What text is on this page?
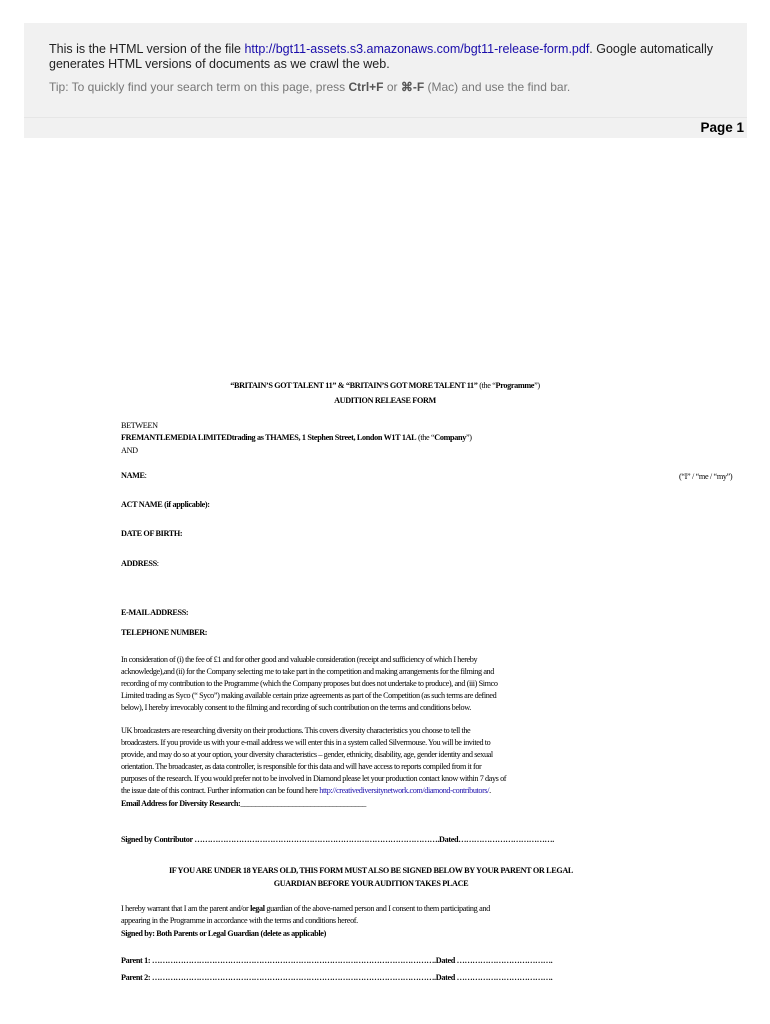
This is the HTML version of the file http://bgt11-assets.s3.amazonaws.com/bgt11-release-form.pdf. Google automatically generates HTML versions of documents as we crawl the web.
Tip: To quickly find your search term on this page, press Ctrl+F or ⌘-F (Mac) and use the find bar.
Page 1
“BRITAIN’S GOT TALENT 11” & “BRITAIN’S GOT MORE TALENT 11” (the “Programme”)
AUDITION RELEASE FORM
BETWEEN
FREMANTLEMEDIA LIMITEDtrading as THAMES, 1 Stephen Street, London W1T 1AL (the “Company”)
AND
NAME:	(“I” / “me / “my”)
ACT NAME (if applicable):
DATE OF BIRTH:
ADDRESS:
E-MAIL ADDRESS:
TELEPHONE NUMBER:
In consideration of (i) the fee of £1 and for other good and valuable consideration (receipt and sufficiency of which I hereby
acknowledge),and (ii) for the Company selecting me to take part in the competition and making arrangements for the filming and
recording of my contribution to the Programme (which the Company proposes but does not undertake to produce), and (iii) Simco
Limited trading as Syco (“ Syco”) making available certain prize agreements as part of the Competition (as such terms are defined
below), I hereby irrevocably consent to the filming and recording of such contribution on the terms and conditions below.
UK broadcasters are researching diversity on their productions. This covers diversity characteristics you choose to tell the
broadcasters. If you provide us with your e-mail address we will enter this in a system called Silvermouse. You will be invited to
provide, and may do so at your option, your diversity characteristics – gender, ethnicity, disability, age, gender identity and sexual
orientation. The broadcaster, as data controller, is responsible for this data and will have access to reports compiled from it for
purposes of the research. If you would prefer not to be involved in Diamond please let your production contact know within 7 days of
the issue date of this contract. Further information can be found here http://creativediversitynetwork.com/diamond-contributors/.
Email Address for Diversity Research:__________________________________
Signed by Contributor ………………………………………………………………………………….Dated……………………………….
IF YOU ARE UNDER 18 YEARS OLD, THIS FORM MUST ALSO BE SIGNED BELOW BY YOUR PARENT OR LEGAL
GUARDIAN BEFORE YOUR AUDITION TAKES PLACE
I hereby warrant that I am the parent and/or legal guardian of the above-named person and I consent to them participating and
appearing in the Programme in accordance with the terms and conditions hereof.
Signed by: Both Parents or Legal Guardian (delete as applicable)
Parent 1: ……………………………………………………………………………………………….Dated ……………………………….
Parent 2: ……………………………………………………………………………………………….Dated ……………………………….
